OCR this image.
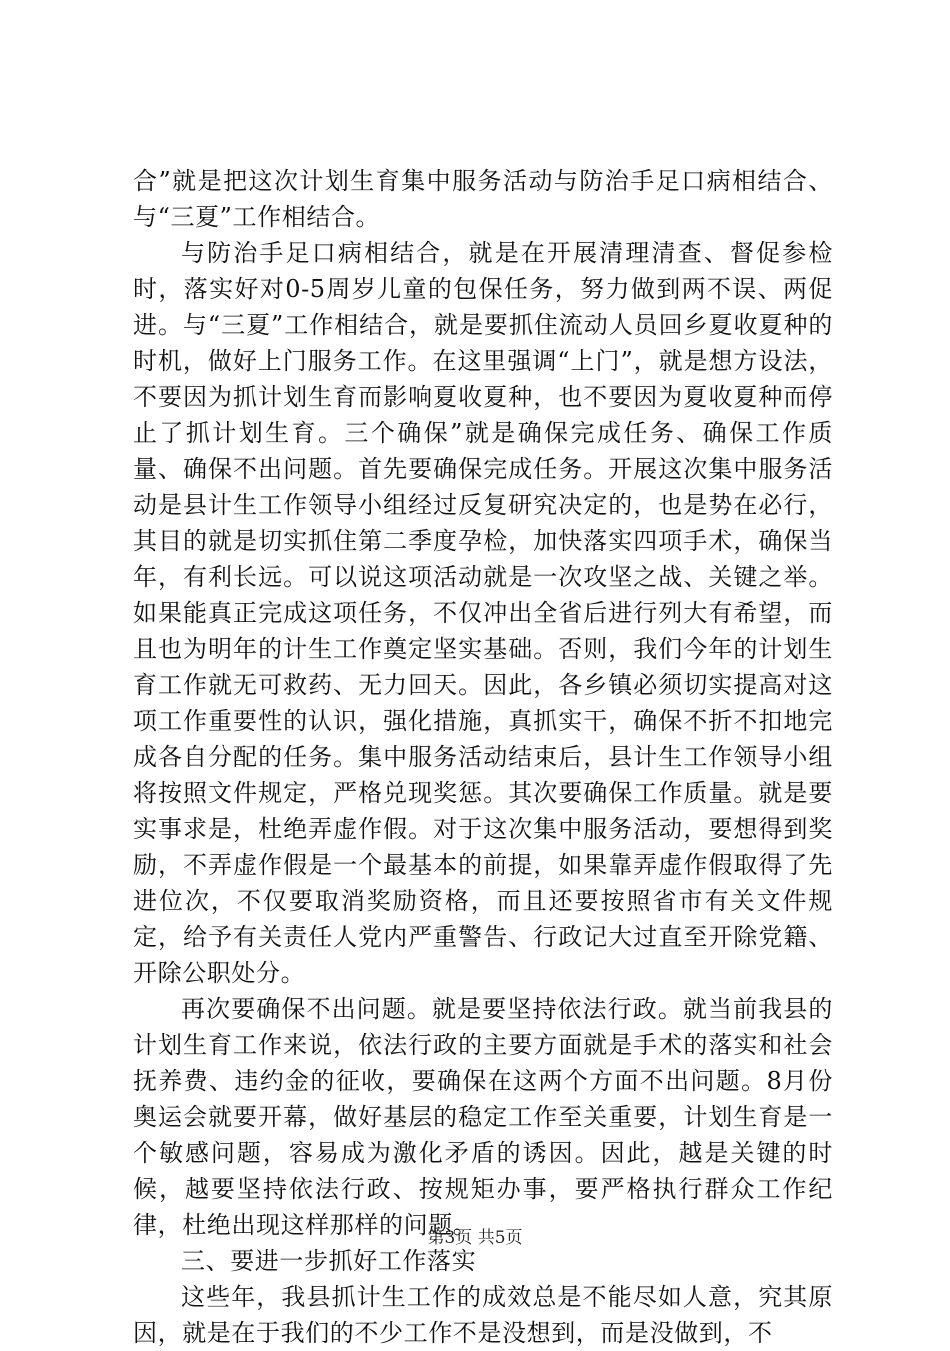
合”就是把这次计划生育集中服务活动与防治手足口病相结合、与“三夏”工作相结合。

与防治手足口病相结合，就是在开展清理清查、督促参检时，落实好对0-5周岁儿童的包保任务，努力做到两不误、两促进。与“三夏”工作相结合，就是要抓住流动人员回乡夏收夏种的时机，做好上门服务工作。在这里强调“上门”，就是想方设法，不要因为抓计划生育而影响夏收夏种，也不要因为夏收夏种而停止了抓计划生育。三个确保”就是确保完成任务、确保工作质量、确保不出问题。首先要确保完成任务。开展这次集中服务活动是县计生工作领导小组经过反复研究决定的，也是势在必行，其目的就是切实抓住第二季度孕检，加快落实四项手术，确保当年，有利长远。可以说这项活动就是一次攻坚之战、关键之举。如果能真正完成这项任务，不仅冲出全省后进行列大有希望，而且也为明年的计生工作奠定坚实基础。否则，我们今年的计划生育工作就无可救药、无力回天。因此，各乡镇必须切实提高对这项工作重要性的认识，强化措施，真抓实干，确保不折不扣地完成各自分配的任务。集中服务活动结束后，县计生工作领导小组将按照文件规定，严格兑现奖惩。其次要确保工作质量。就是要实事求是，杜绝弄虚作假。对于这次集中服务活动，要想得到奖励，不弄虚作假是一个最基本的前提，如果靠弄虚作假取得了先进位次，不仅要取消奖励资格，而且还要按照省市有关文件规定，给予有关责任人党内严重警告、行政记大过直至开除党籍、开除公职处分。

再次要确保不出问题。就是要坚持依法行政。就当前我县的计划生育工作来说，依法行政的主要方面就是手术的落实和社会抚养费、违约金的征收，要确保在这两个方面不出问题。8月份奥运会就要开幕，做好基层的稳定工作至关重要，计划生育是一个敏感问题，容易成为激化矛盾的诱因。因此，越是关键的时候，越要坚持依法行政、按规矩办事，要严格执行群众工作纪律，杜绝出现这样那样的问题。

三、要进一步抓好工作落实

这些年，我县抓计生工作的成效总是不能尽如人意，究其原因，就是在于我们的不少工作不是没想到，而是没做到，不

第3页 共5页
